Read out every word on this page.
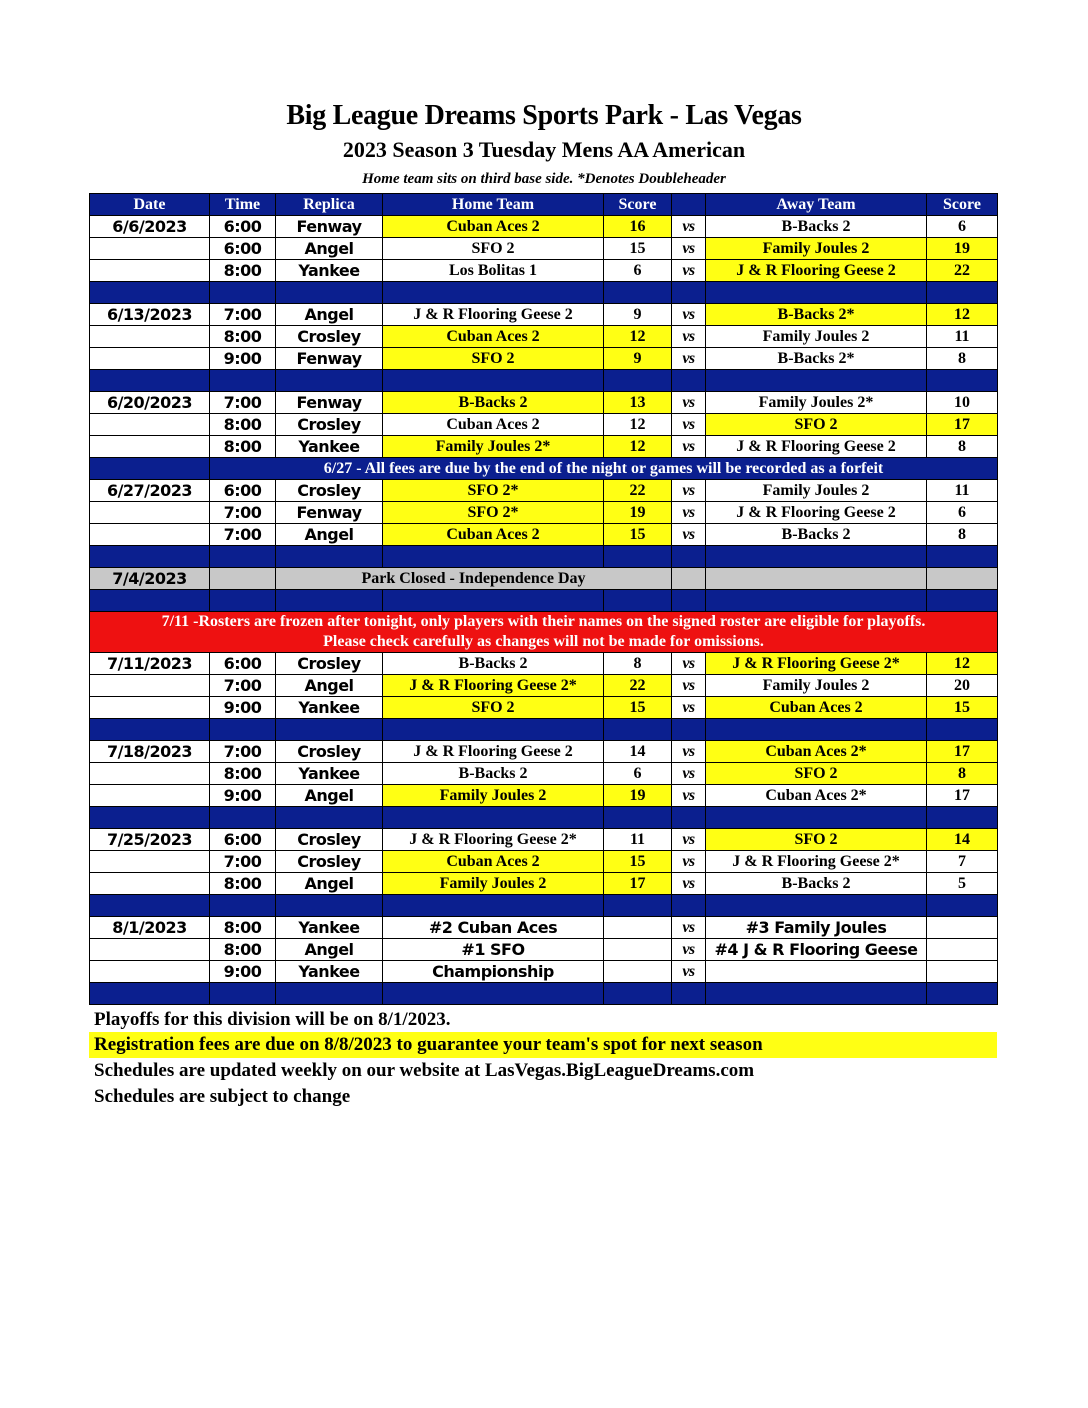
Big League Dreams Sports Park - Las Vegas
2023 Season 3 Tuesday Mens AA American
Home team sits on third base side. *Denotes Doubleheader
Date	Time	Replica	Home Team	Score		Away Team	Score
6/6/2023	6:00	Fenway	Cuban Aces 2	16	vs	B-Backs 2	6
	6:00	Angel	SFO 2	15	vs	Family Joules 2	19
	8:00	Yankee	Los Bolitas 1	6	vs	J & R Flooring Geese 2	22

6/13/2023	7:00	Angel	J & R Flooring Geese 2	9	vs	B-Backs 2*	12
	8:00	Crosley	Cuban Aces 2	12	vs	Family Joules 2	11
	9:00	Fenway	SFO 2	9	vs	B-Backs 2*	8

6/20/2023	7:00	Fenway	B-Backs 2	13	vs	Family Joules 2*	10
	8:00	Crosley	Cuban Aces 2	12	vs	SFO 2	17
	8:00	Yankee	Family Joules 2*	12	vs	J & R Flooring Geese 2	8
	6/27 - All fees are due by the end of the night or games will be recorded as a forfeit						
6/27/2023	6:00	Crosley	SFO 2*	22	vs	Family Joules 2	11
	7:00	Fenway	SFO 2*	19	vs	J & R Flooring Geese 2	6
	7:00	Angel	Cuban Aces 2	15	vs	B-Backs 2	8

7/4/2023		Park Closed - Independence Day					

7/11 -Rosters are frozen after tonight, only players with their names on the signed roster are eligible for playoffs.
Please check carefully as changes will not be made for omissions.							

7/11/2023	6:00	Crosley	B-Backs 2	8	vs	J & R Flooring Geese 2*	12
	7:00	Angel	J & R Flooring Geese 2*	22	vs	Family Joules 2	20
	9:00	Yankee	SFO 2	15	vs	Cuban Aces 2	15

7/18/2023	7:00	Crosley	J & R Flooring Geese 2	14	vs	Cuban Aces 2*	17
	8:00	Yankee	B-Backs 2	6	vs	SFO 2	8
	9:00	Angel	Family Joules 2	19	vs	Cuban Aces 2*	17

7/25/2023	6:00	Crosley	J & R Flooring Geese 2*	11	vs	SFO 2	14
	7:00	Crosley	Cuban Aces 2	15	vs	J & R Flooring Geese 2*	7
	8:00	Angel	Family Joules 2	17	vs	B-Backs 2	5

8/1/2023	8:00	Yankee	#2 Cuban Aces		vs	#3 Family Joules	
	8:00	Angel	#1 SFO		vs	#4 J & R Flooring Geese	
	9:00	Yankee	Championship		vs		

Playoffs for this division will be on 8/1/2023.
Registration fees are due on 8/8/2023 to guarantee your team's spot for next season
Schedules are updated weekly on our website at LasVegas.BigLeagueDreams.com
Schedules are subject to change
